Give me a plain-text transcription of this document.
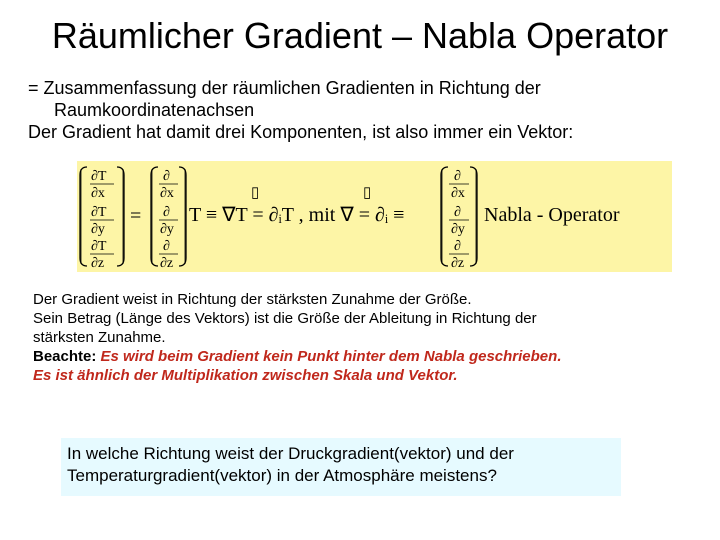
Räumlicher Gradient – Nabla Operator
= Zusammenfassung der räumlichen Gradienten in Richtung der
Raumkoordinatenachsen
Der Gradient hat damit drei Komponenten, ist also immer ein Vektor:
∂T
∂x
∂T
∂y
∂T
∂z
=
∂
∂x
∂
∂y
∂
∂z
T ≡ ∇T = ∂ᵢT , mit ∇ = ∂ᵢ ≡
▯	▯
∂
∂x
∂
∂y
∂
∂z
Nabla - Operator
Der Gradient weist in Richtung der stärksten Zunahme der Größe.
Sein Betrag (Länge des Vektors) ist die Größe der Ableitung in Richtung der
stärksten Zunahme.
Beachte: Es wird beim Gradient kein Punkt hinter dem Nabla geschrieben.
Es ist ähnlich der Multiplikation zwischen Skala und Vektor.
In welche Richtung weist der Druckgradient(vektor) und der
Temperaturgradient(vektor) in der Atmosphäre meistens?
